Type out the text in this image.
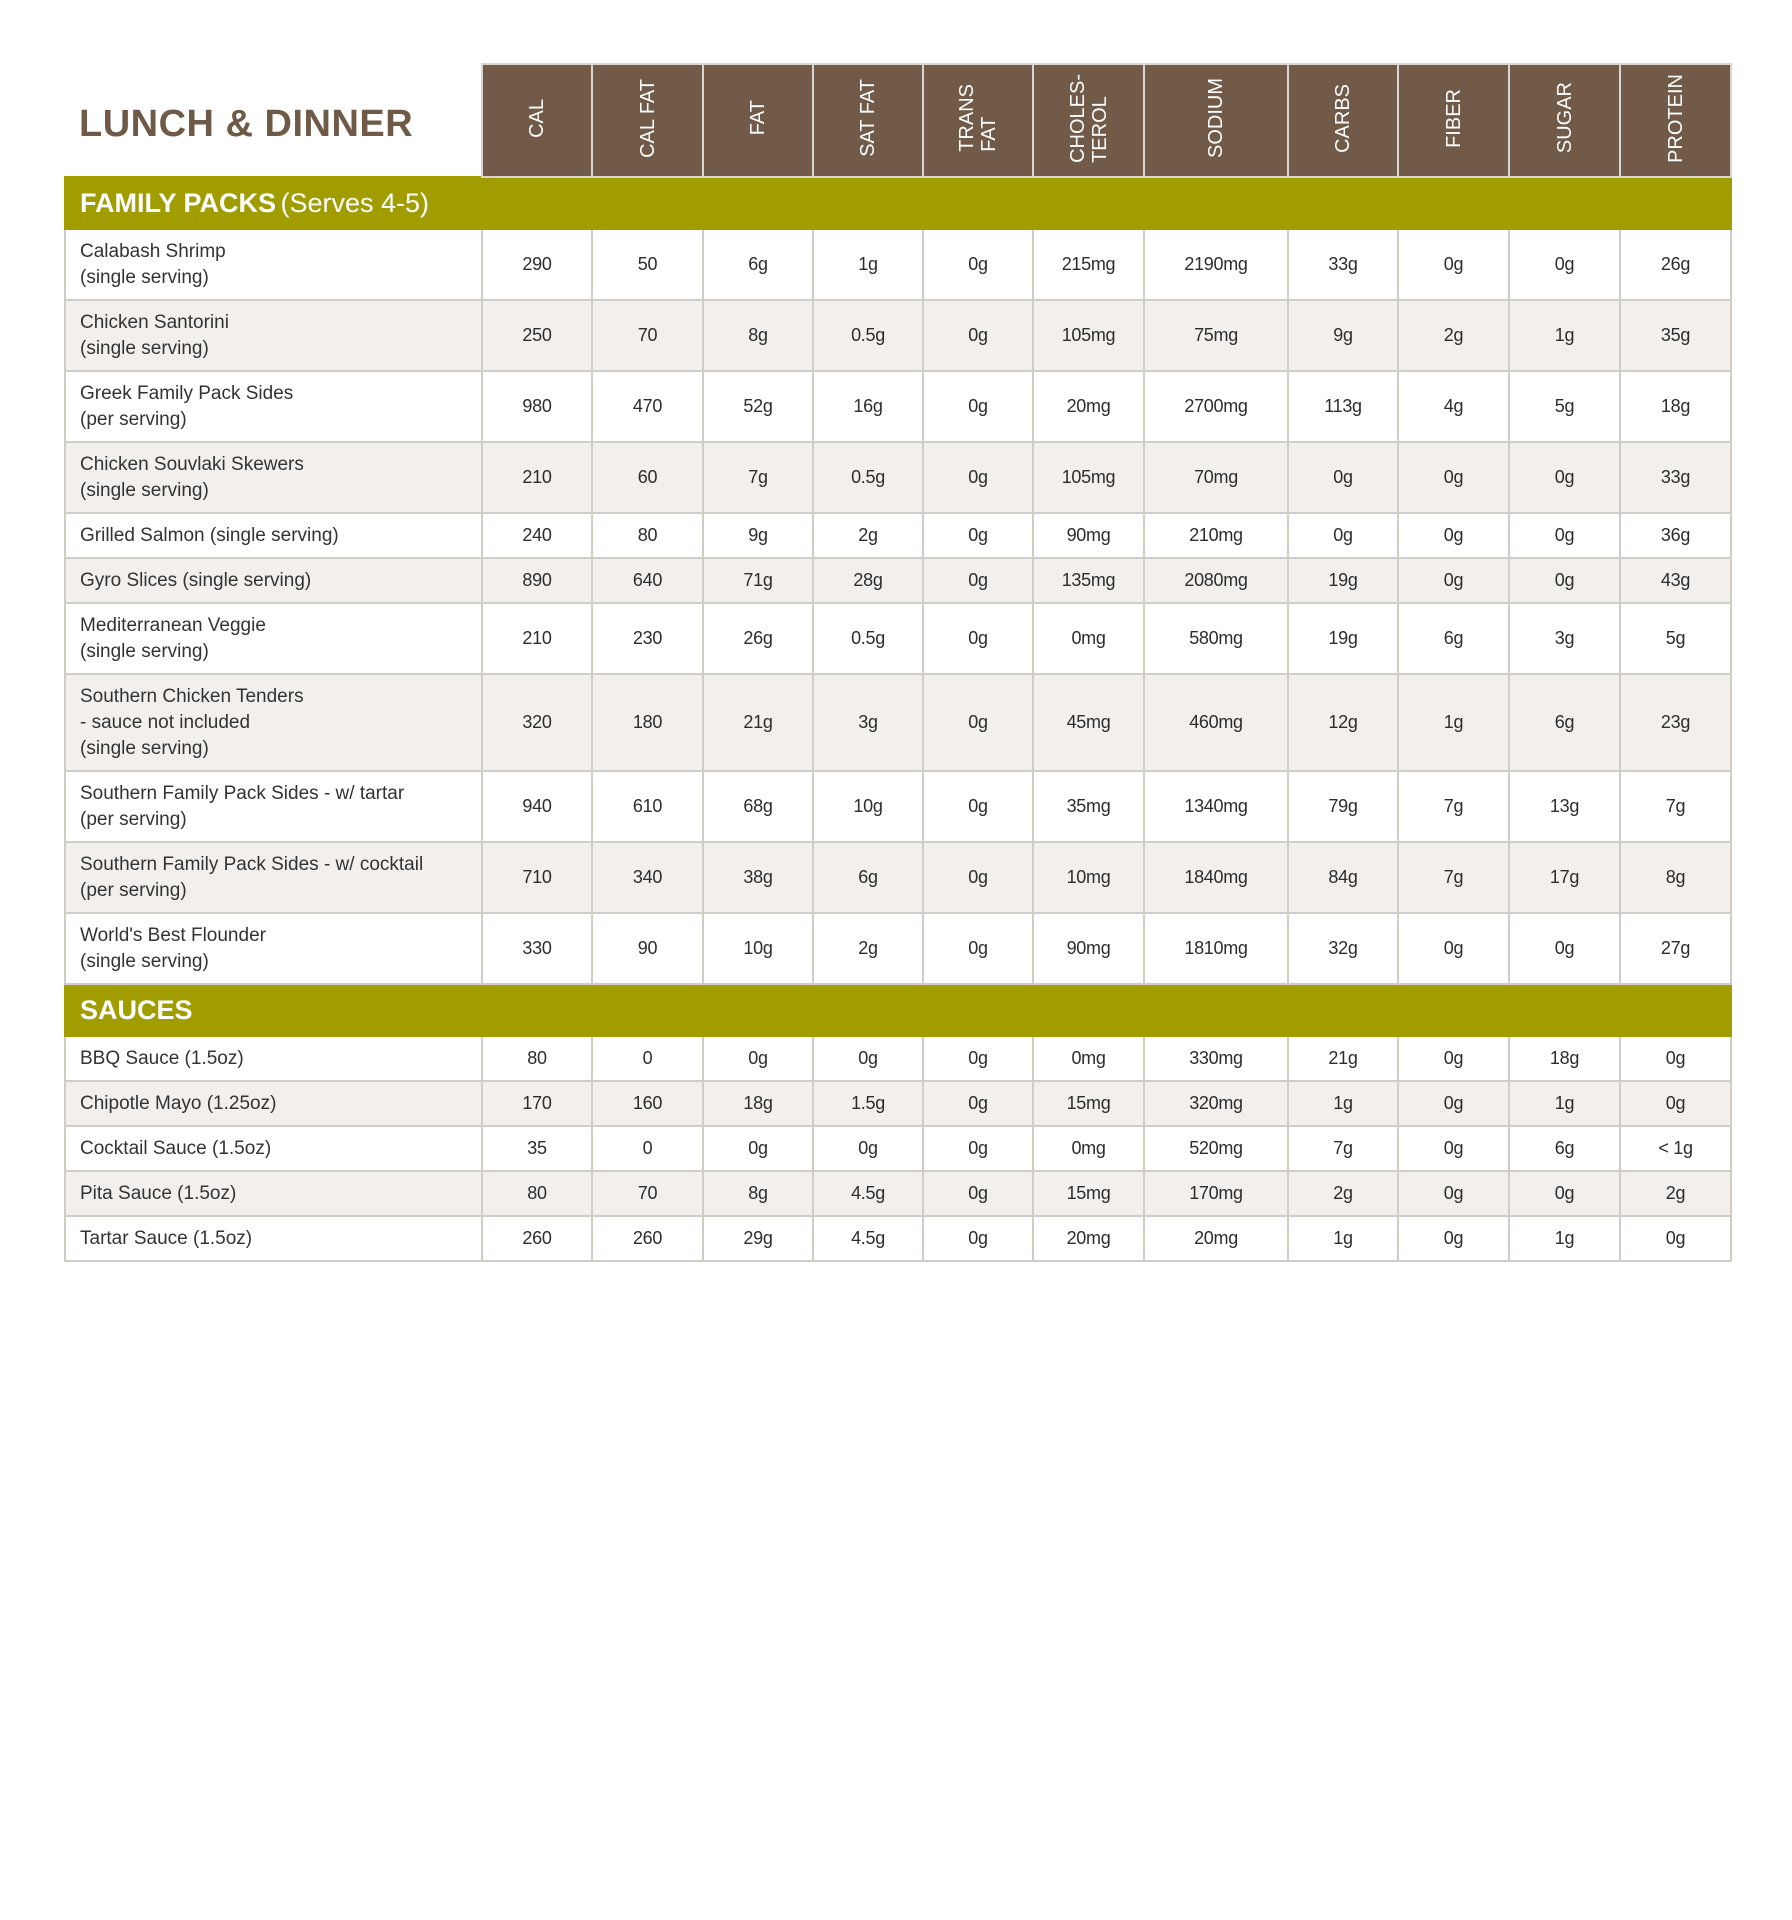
LUNCH & DINNER	CAL	CAL FAT	FAT	SAT FAT	TRANS
FAT	CHOLES-
TEROL	SODIUM	CARBS	FIBER	SUGAR	PROTEIN
FAMILY PACKS (Serves 4-5)											
Calabash Shrimp
(single serving)	290	50	6g	1g	0g	215mg	2190mg	33g	0g	0g	26g
Chicken Santorini
(single serving)	250	70	8g	0.5g	0g	105mg	75mg	9g	2g	1g	35g
Greek Family Pack Sides
(per serving)	980	470	52g	16g	0g	20mg	2700mg	113g	4g	5g	18g
Chicken Souvlaki Skewers
(single serving)	210	60	7g	0.5g	0g	105mg	70mg	0g	0g	0g	33g
Grilled Salmon (single serving)	240	80	9g	2g	0g	90mg	210mg	0g	0g	0g	36g
Gyro Slices (single serving)	890	640	71g	28g	0g	135mg	2080mg	19g	0g	0g	43g
Mediterranean Veggie
(single serving)	210	230	26g	0.5g	0g	0mg	580mg	19g	6g	3g	5g
Southern Chicken Tenders
- sauce not included
(single serving)	320	180	21g	3g	0g	45mg	460mg	12g	1g	6g	23g
Southern Family Pack Sides - w/ tartar
(per serving)	940	610	68g	10g	0g	35mg	1340mg	79g	7g	13g	7g
Southern Family Pack Sides - w/ cocktail
(per serving)	710	340	38g	6g	0g	10mg	1840mg	84g	7g	17g	8g
World's Best Flounder
(single serving)	330	90	10g	2g	0g	90mg	1810mg	32g	0g	0g	27g
SAUCES											
BBQ Sauce (1.5oz)	80	0	0g	0g	0g	0mg	330mg	21g	0g	18g	0g
Chipotle Mayo (1.25oz)	170	160	18g	1.5g	0g	15mg	320mg	1g	0g	1g	0g
Cocktail Sauce (1.5oz)	35	0	0g	0g	0g	0mg	520mg	7g	0g	6g	< 1g
Pita Sauce (1.5oz)	80	70	8g	4.5g	0g	15mg	170mg	2g	0g	0g	2g
Tartar Sauce (1.5oz)	260	260	29g	4.5g	0g	20mg	20mg	1g	0g	1g	0g
